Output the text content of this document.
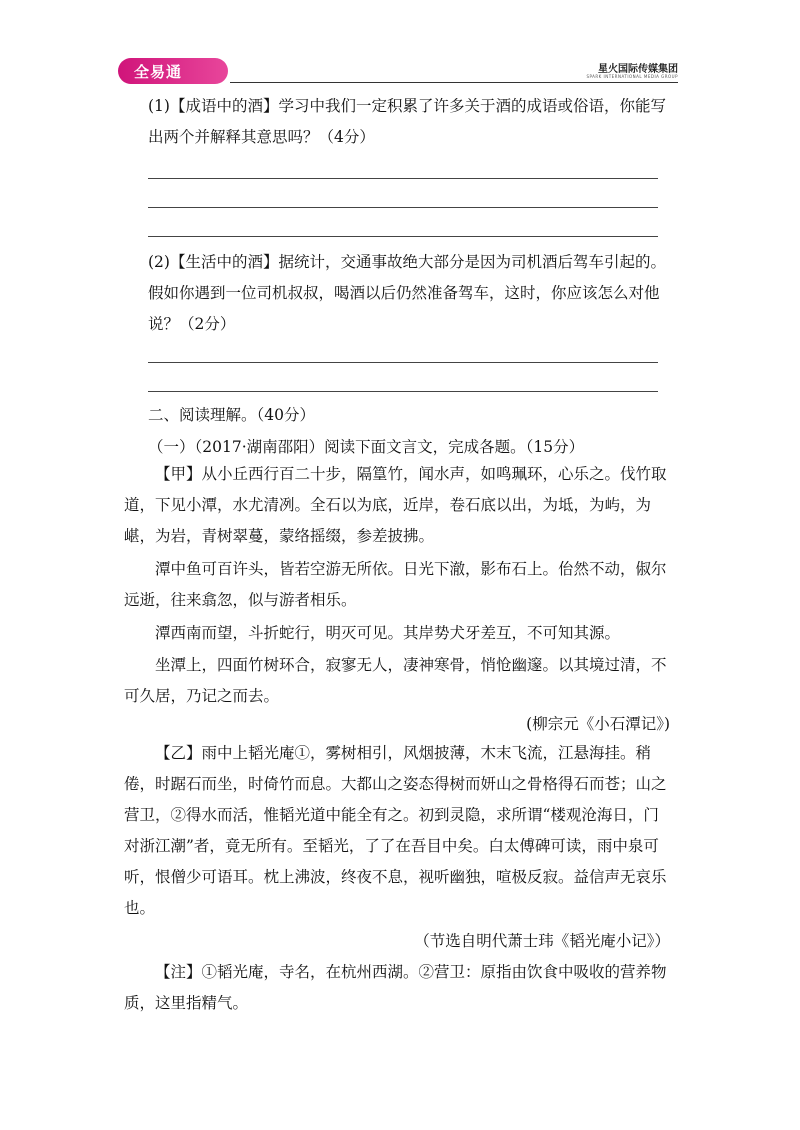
全易通	星火国际传媒集团
SPARK INTERNATIONAL MEDIA GROUP
(1)【成语中的酒】学习中我们一定积累了许多关于酒的成语或俗语，你能写出两个并解释其意思吗？（4分）
(2)【生活中的酒】据统计，交通事故绝大部分是因为司机酒后驾车引起的。假如你遇到一位司机叔叔，喝酒以后仍然准备驾车，这时，你应该怎么对他说？（2分）
二、阅读理解。（40分）
（一）（2017·湖南邵阳）阅读下面文言文，完成各题。（15分）
【甲】从小丘西行百二十步，隔篁竹，闻水声，如鸣珮环，心乐之。伐竹取道，下见小潭，水尤清冽。全石以为底，近岸，卷石底以出，为坻，为屿，为嵁，为岩，青树翠蔓，蒙络摇缀，参差披拂。
潭中鱼可百许头，皆若空游无所依。日光下澈，影布石上。佁然不动，俶尔远逝，往来翕忽，似与游者相乐。
潭西南而望，斗折蛇行，明灭可见。其岸势犬牙差互，不可知其源。
坐潭上，四面竹树环合，寂寥无人，凄神寒骨，悄怆幽邃。以其境过清，不可久居，乃记之而去。
(柳宗元《小石潭记》)
【乙】雨中上韬光庵①，雾树相引，风烟披薄，木末飞流，江悬海挂。稍倦，时踞石而坐，时倚竹而息。大都山之姿态得树而妍山之骨格得石而苍；山之营卫，②得水而活，惟韬光道中能全有之。初到灵隐，求所谓“楼观沧海日，门对浙江潮”者，竟无所有。至韬光，了了在吾目中矣。白太傅碑可读，雨中泉可听，恨僧少可语耳。枕上沸波，终夜不息，视听幽独，喧极反寂。益信声无哀乐也。
（节选自明代萧士玮《韬光庵小记》）
【注】①韬光庵，寺名，在杭州西湖。②营卫：原指由饮食中吸收的营养物质，这里指精气。
